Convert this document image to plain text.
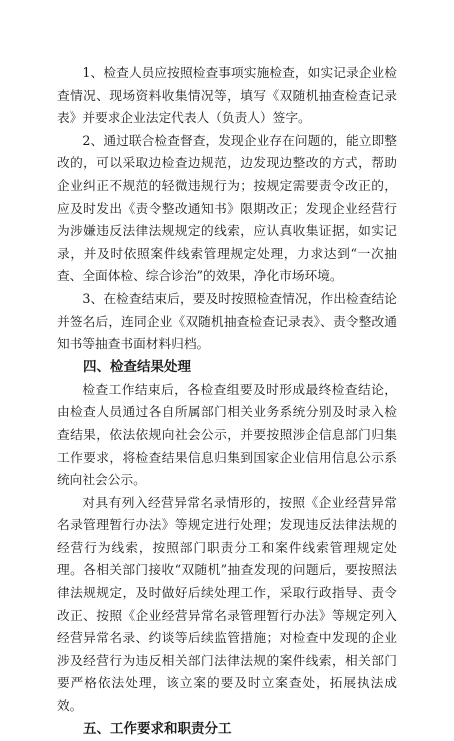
1、检查人员应按照检查事项实施检查，如实记录企业检查情况、现场资料收集情况等，填写《双随机抽查检查记录表》并要求企业法定代表人（负责人）签字。

2、通过联合检查督查，发现企业存在问题的，能立即整改的，可以采取边检查边规范，边发现边整改的方式，帮助企业纠正不规范的轻微违规行为；按规定需要责令改正的，应及时发出《责令整改通知书》限期改正；发现企业经营行为涉嫌违反法律法规规定的线索，应认真收集证据，如实记录，并及时依照案件线索管理规定处理，力求达到“一次抽查、全面体检、综合诊治”的效果，净化市场环境。

3、在检查结束后，要及时按照检查情况，作出检查结论并签名后，连同企业《双随机抽查检查记录表》、责令整改通知书等抽查书面材料归档。

四、检查结果处理

检查工作结束后，各检查组要及时形成最终检查结论，由检查人员通过各自所属部门相关业务系统分别及时录入检查结果，依法依规向社会公示，并要按照涉企信息部门归集工作要求，将检查结果信息归集到国家企业信用信息公示系统向社会公示。

对具有列入经营异常名录情形的，按照《企业经营异常名录管理暂行办法》等规定进行处理；发现违反法律法规的经营行为线索，按照部门职责分工和案件线索管理规定处理。各相关部门接收“双随机”抽查发现的问题后，要按照法律法规规定，及时做好后续处理工作，采取行政指导、责令改正、按照《企业经营异常名录管理暂行办法》等规定列入经营异常名录、约谈等后续监管措施；对检查中发现的企业涉及经营行为违反相关部门法律法规的案件线索，相关部门要严格依法处理，该立案的要及时立案查处，拓展执法成效。

五、工作要求和职责分工
